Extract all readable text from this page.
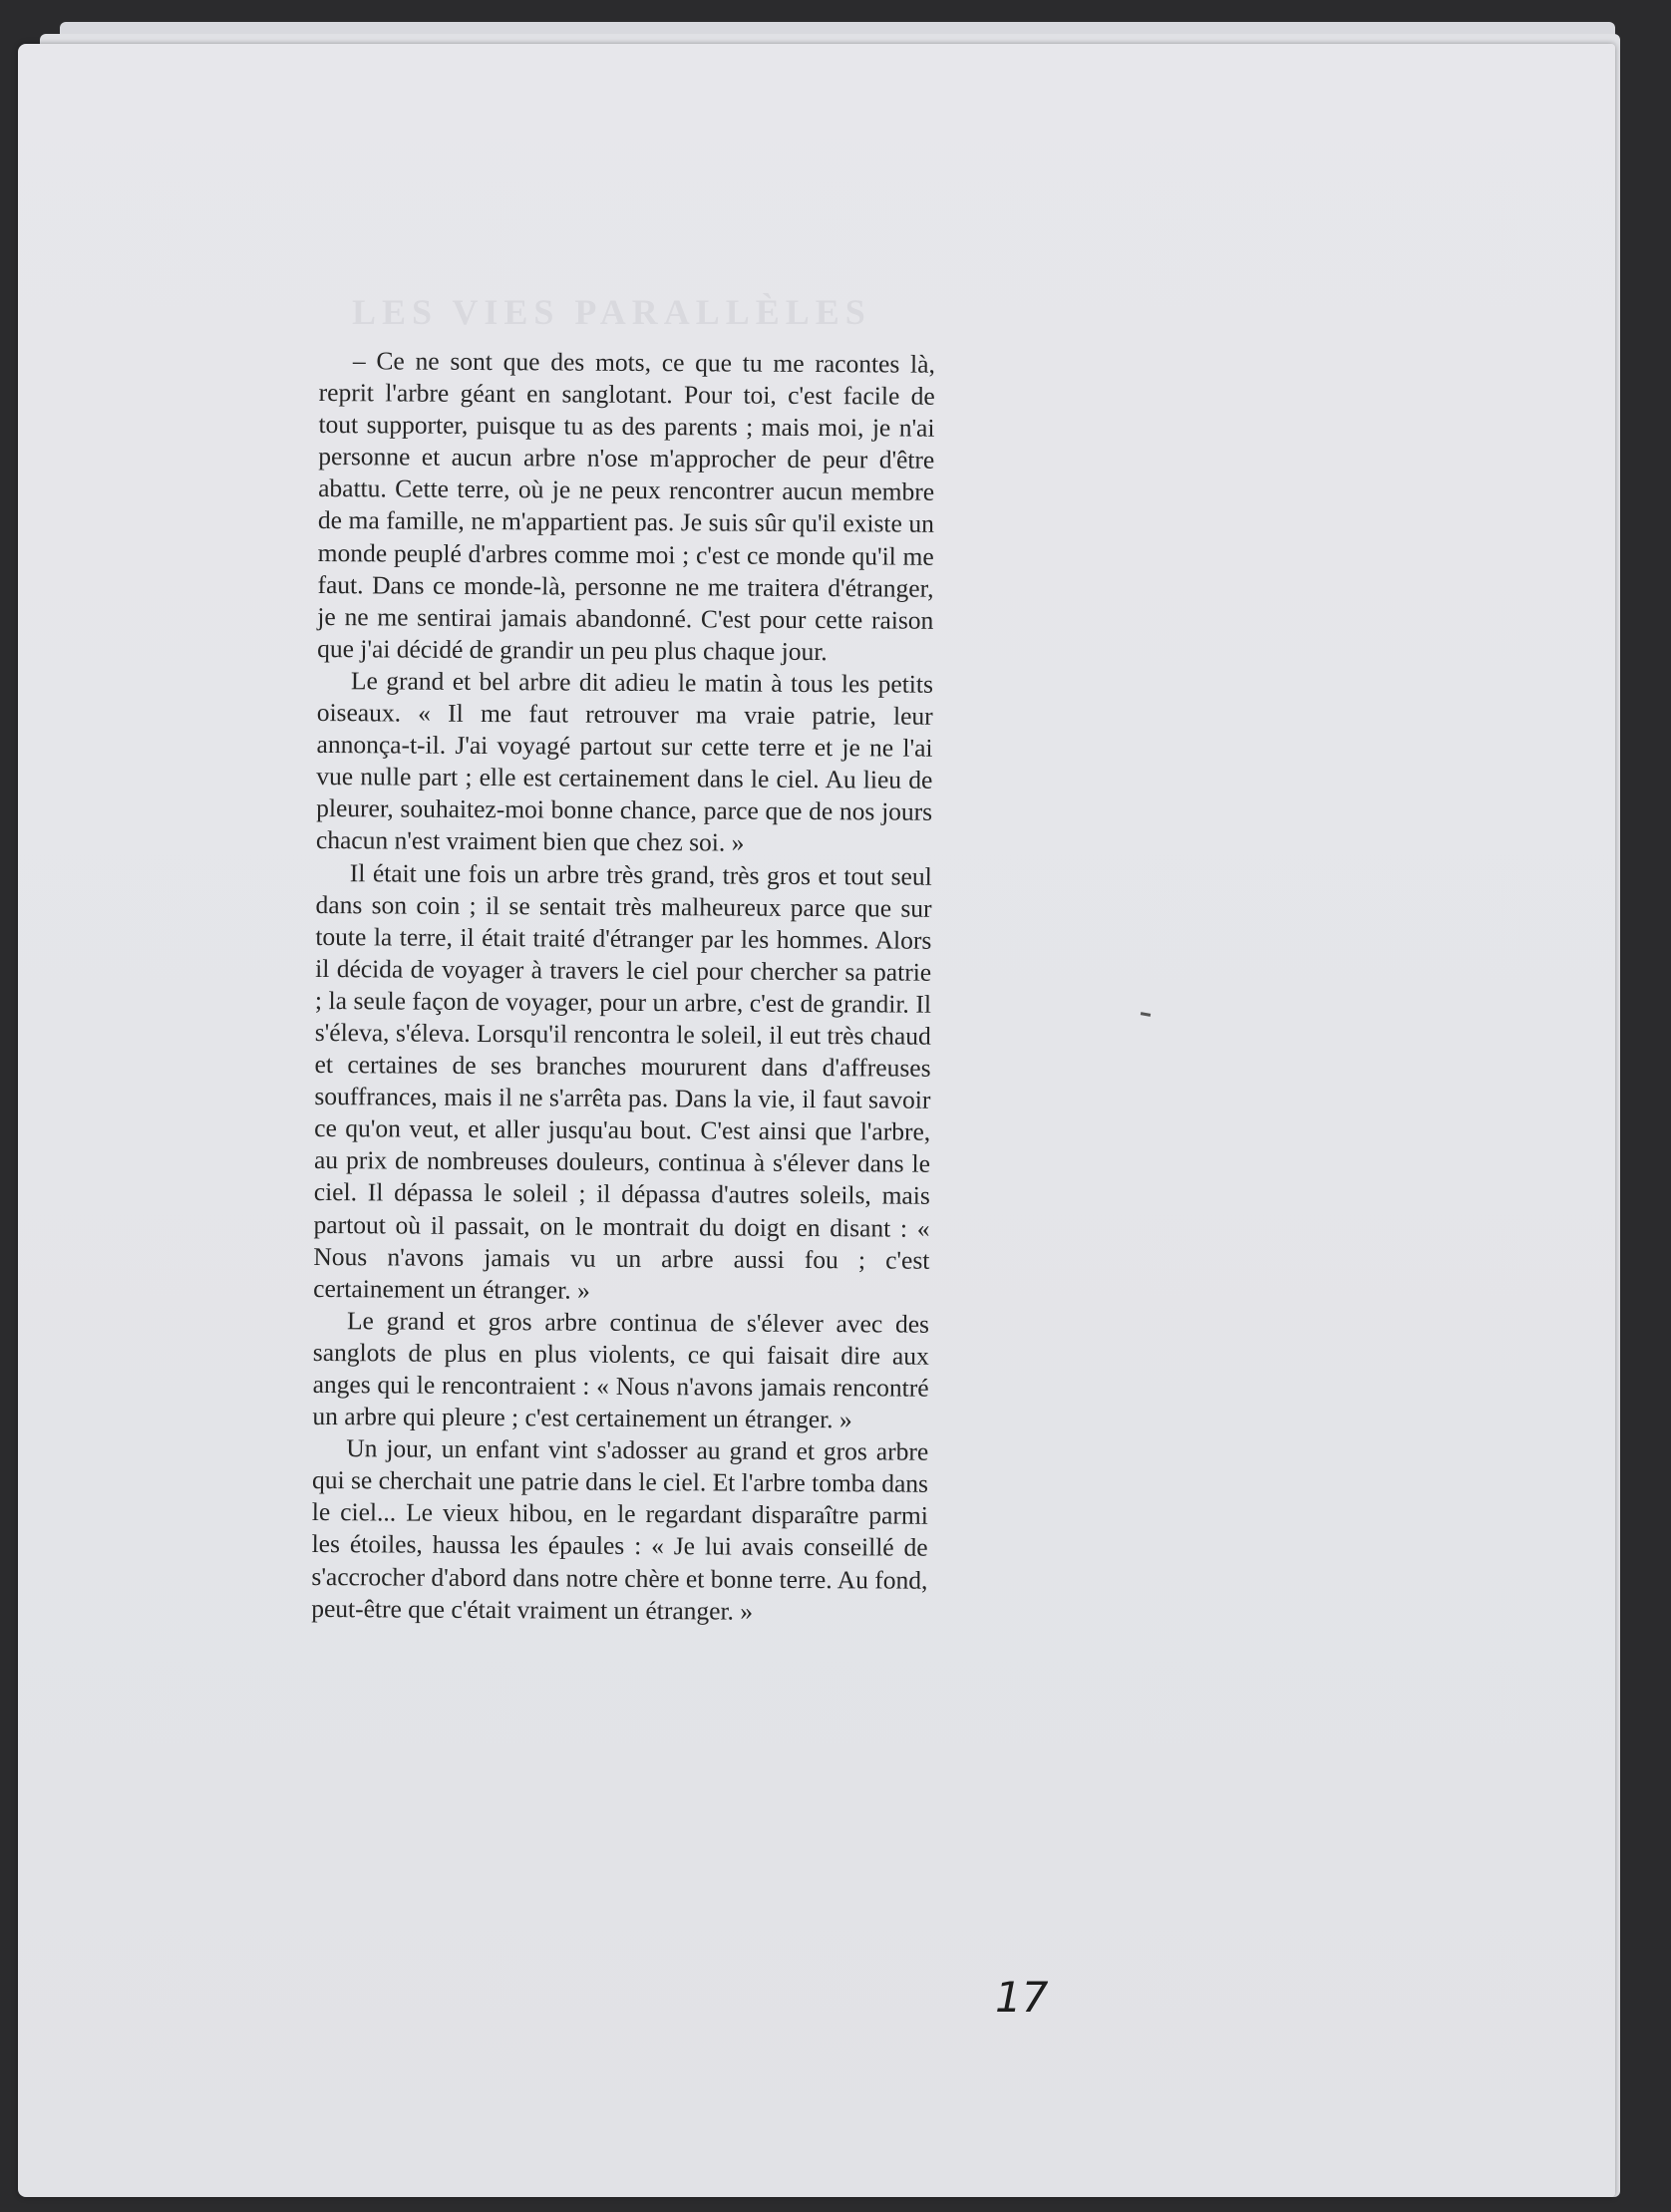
LES VIES PARALLÈLES

– Ce ne sont que des mots, ce que tu me racontes là, reprit l'arbre géant en sanglotant. Pour toi, c'est facile de tout supporter, puisque tu as des parents ; mais moi, je n'ai personne et aucun arbre n'ose m'approcher de peur d'être abattu. Cette terre, où je ne peux rencontrer aucun membre de ma famille, ne m'appartient pas. Je suis sûr qu'il existe un monde peuplé d'arbres comme moi ; c'est ce monde qu'il me faut. Dans ce monde-là, personne ne me traitera d'étranger, je ne me sentirai jamais abandonné. C'est pour cette raison que j'ai décidé de grandir un peu plus chaque jour.

Le grand et bel arbre dit adieu le matin à tous les petits oiseaux. « Il me faut retrouver ma vraie patrie, leur annonça-t-il. J'ai voyagé partout sur cette terre et je ne l'ai vue nulle part ; elle est certainement dans le ciel. Au lieu de pleurer, souhaitez-moi bonne chance, parce que de nos jours chacun n'est vraiment bien que chez soi. »

Il était une fois un arbre très grand, très gros et tout seul dans son coin ; il se sentait très malheureux parce que sur toute la terre, il était traité d'étranger par les hommes. Alors il décida de voyager à travers le ciel pour chercher sa patrie ; la seule façon de voyager, pour un arbre, c'est de grandir. Il s'éleva, s'éleva. Lorsqu'il rencontra le soleil, il eut très chaud et certaines de ses branches moururent dans d'affreuses souffrances, mais il ne s'arrêta pas. Dans la vie, il faut savoir ce qu'on veut, et aller jusqu'au bout. C'est ainsi que l'arbre, au prix de nombreuses douleurs, continua à s'élever dans le ciel. Il dépassa le soleil ; il dépassa d'autres soleils, mais partout où il passait, on le montrait du doigt en disant : « Nous n'avons jamais vu un arbre aussi fou ; c'est certainement un étranger. »

Le grand et gros arbre continua de s'élever avec des sanglots de plus en plus violents, ce qui faisait dire aux anges qui le rencontraient : « Nous n'avons jamais rencontré un arbre qui pleure ; c'est certainement un étranger. »

Un jour, un enfant vint s'adosser au grand et gros arbre qui se cherchait une patrie dans le ciel. Et l'arbre tomba dans le ciel... Le vieux hibou, en le regardant disparaître parmi les étoiles, haussa les épaules : « Je lui avais conseillé de s'accrocher d'abord dans notre chère et bonne terre. Au fond, peut-être que c'était vraiment un étranger. »

17
